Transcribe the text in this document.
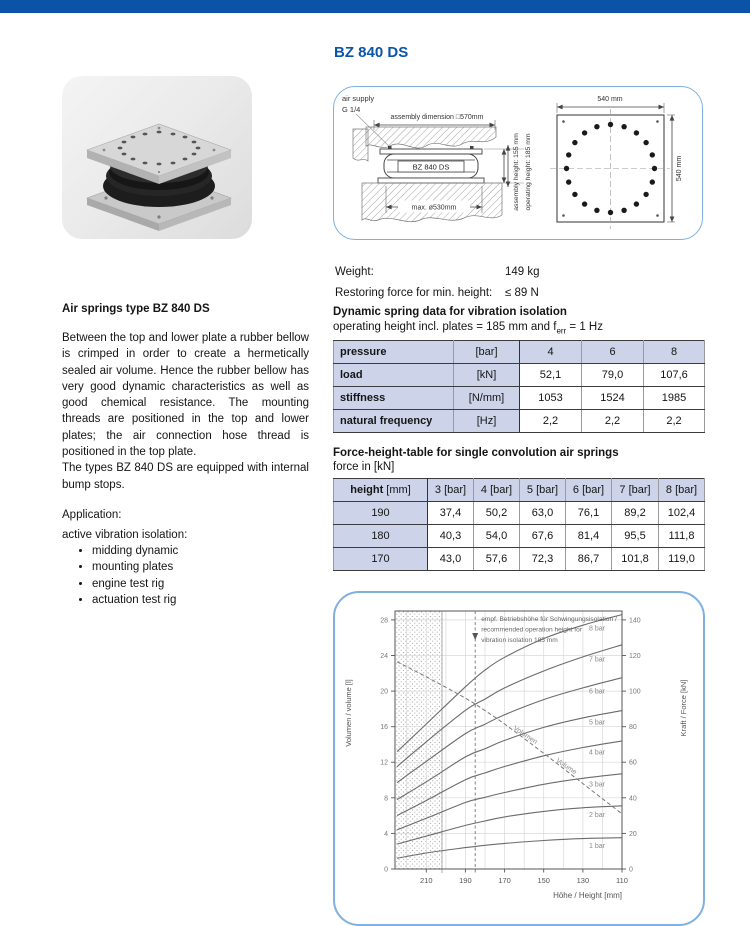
BZ 840 DS
air supply
G 1/4
assembly dimension □570mm
BZ 840 DS
max. ø530mm	assembly height: 155 mm operating height: 185 mm
540 mm
540 mm
Weight:	149 kg
Restoring force for min. height:	≤ 89 N
Dynamic spring data for vibration isolation
operating height incl. plates = 185 mm and $f_{err} = 1$ Hz
pressure	[bar]	4	6	8
load	[kN]	52,1	79,0	107,6
stiffness	[N/mm]	1053	1524	1985
natural frequency	[Hz]	2,2	2,2	2,2
Force-height-table for single convolution air springs
force in [kN]
height [mm]	3 [bar]	4 [bar]	5 [bar]	6 [bar]	7 [bar]	8 [bar]
190	37,4	50,2	63,0	76,1	89,2	102,4
180	40,3	54,0	67,6	81,4	95,5	111,8
170	43,0	57,6	72,3	86,7	101,8	119,0
Air springs type BZ 840 DS

Between the top and lower plate a rubber bellow is crimped in order to create a hermetically sealed air volume. Hence the rubber bellow has very good dynamic characteristics as well as good chemical resistance. The mounting threads are positioned in the top and lower plates; the air connection hose thread is positioned in the top plate.

The types BZ 840 DS are equipped with internal bump stops.

Application:
active vibration isolation:
• midding dynamic
• mounting plates
• engine test rig
• actuation test rig
1 bar
2 bar
3 bar
4 bar
5 bar
6 bar
7 bar
8 bar
Volumen
Volume
210	190	170	150	130	110
0
4
8
12
16
20
24
28
0
20
40
60
80
100
120
140
empf. Betriebshöhe für Schwingungsisolation /
recommended operation height for
vibration isolation 185 mm
Volumen / volume [l]	Kraft / Force [kN]
Höhe / Height [mm]
